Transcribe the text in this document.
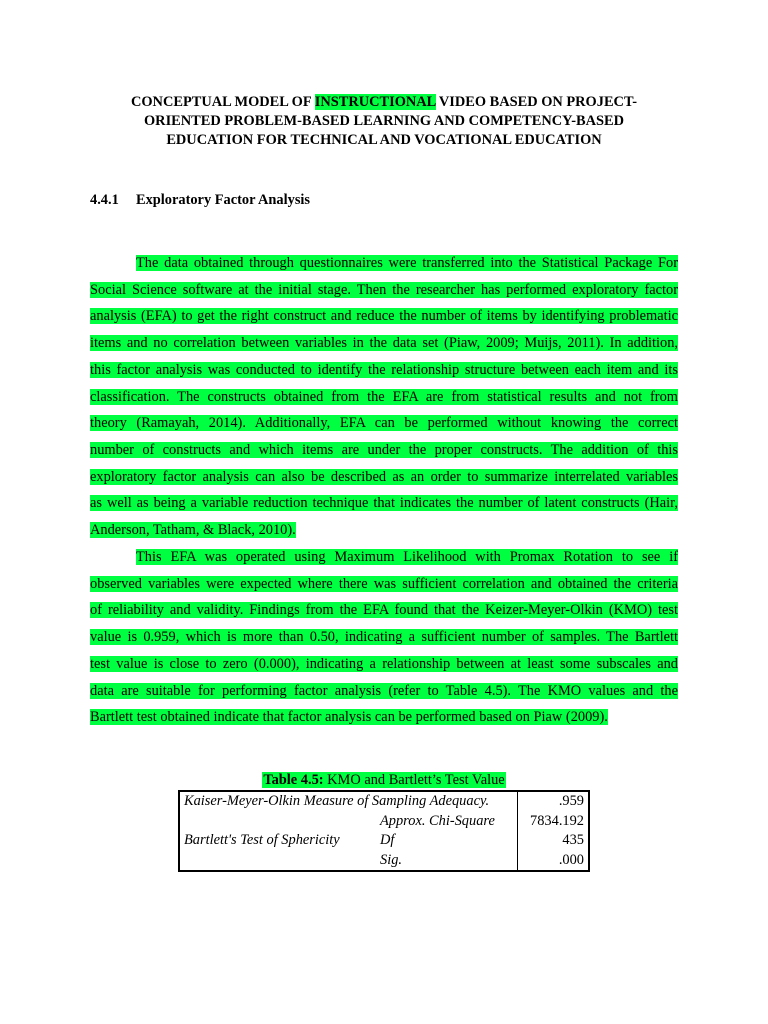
CONCEPTUAL MODEL OF INSTRUCTIONAL VIDEO BASED ON PROJECT-
ORIENTED PROBLEM-BASED LEARNING AND COMPETENCY-BASED
EDUCATION FOR TECHNICAL AND VOCATIONAL EDUCATION
4.4.1 Exploratory Factor Analysis
The data obtained through questionnaires were transferred into the Statistical Package For
Social Science software at the initial stage. Then the researcher has performed exploratory factor
analysis (EFA) to get the right construct and reduce the number of items by identifying problematic
items and no correlation between variables in the data set (Piaw, 2009; Muijs, 2011). In addition,
this factor analysis was conducted to identify the relationship structure between each item and its
classification. The constructs obtained from the EFA are from statistical results and not from
theory (Ramayah, 2014). Additionally, EFA can be performed without knowing the correct
number of constructs and which items are under the proper constructs. The addition of this
exploratory factor analysis can also be described as an order to summarize interrelated variables
as well as being a variable reduction technique that indicates the number of latent constructs (Hair,
Anderson, Tatham, & Black, 2010).
This EFA was operated using Maximum Likelihood with Promax Rotation to see if
observed variables were expected where there was sufficient correlation and obtained the criteria
of reliability and validity. Findings from the EFA found that the Keizer-Meyer-Olkin (KMO) test
value is 0.959, which is more than 0.50, indicating a sufficient number of samples. The Bartlett
test value is close to zero (0.000), indicating a relationship between at least some subscales and
data are suitable for performing factor analysis (refer to Table 4.5). The KMO values and the
Bartlett test obtained indicate that factor analysis can be performed based on Piaw (2009).
Table 4.5: KMO and Bartlett’s Test Value
Kaiser-Meyer-Olkin Measure of Sampling Adequacy.		.959
	Approx. Chi-Square	7834.192
Bartlett's Test of Sphericity	Df	435
	Sig.	.000
